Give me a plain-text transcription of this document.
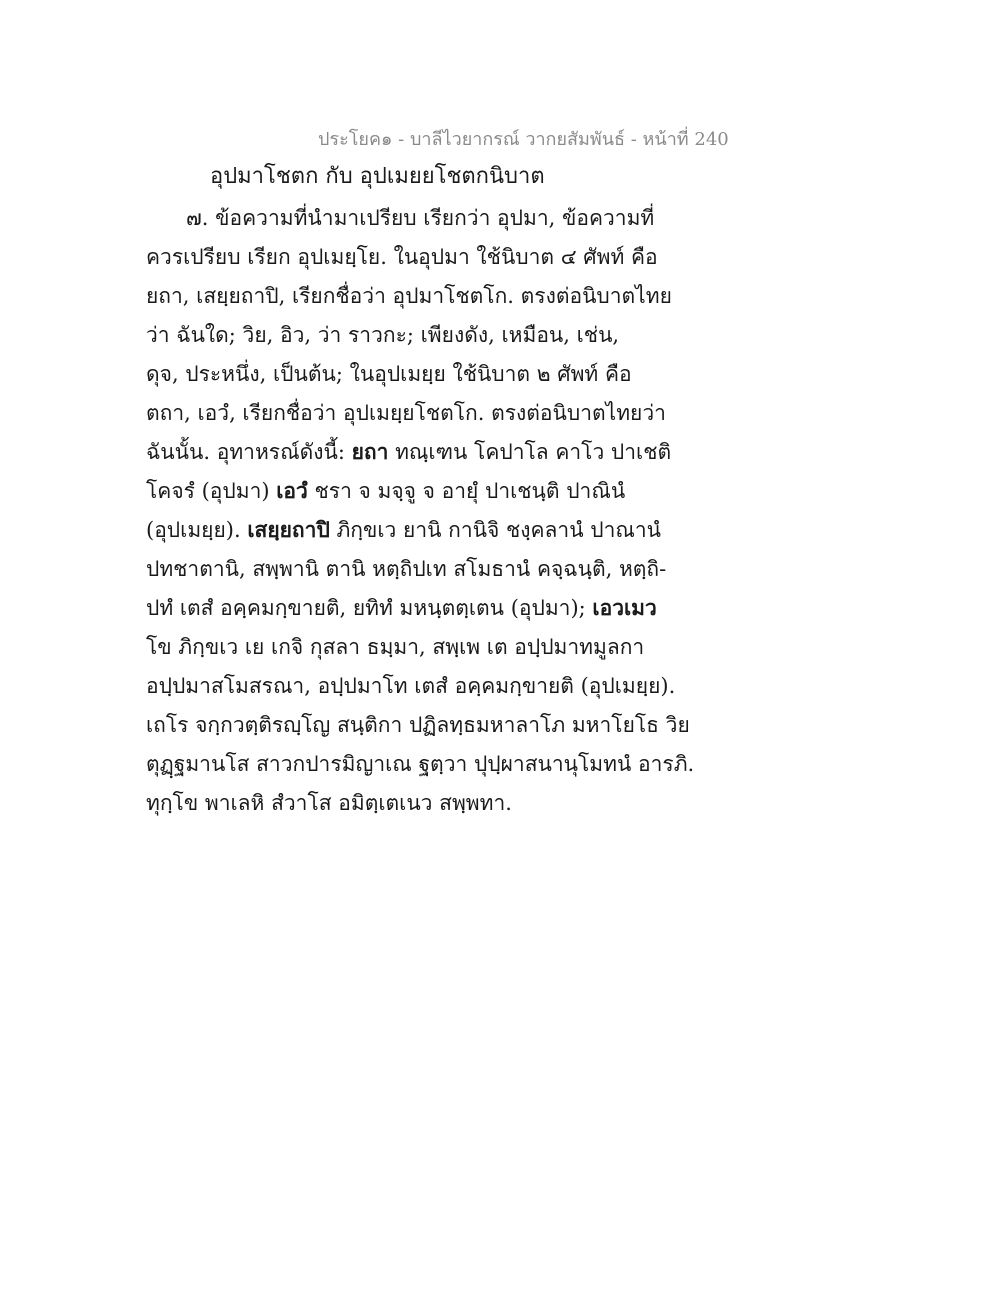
ประโยค๑ - บาลีไวยากรณ์ วากยสัมพันธ์ - หน้าที่ 240
อุปมาโชตก กับ อุปเมยยโชตกนิบาต
๗. ข้อความที่นำมาเปรียบ เรียกว่า อุปมา, ข้อความที่
ควรเปรียบ เรียก อุปเมยฺโย. ในอุปมา ใช้นิบาต ๔ ศัพท์ คือ
ยถา, เสยฺยถาปิ, เรียกชื่อว่า อุปมาโชตโก. ตรงต่อนิบาตไทย
ว่า ฉันใด; วิย, อิว, ว่า ราวกะ; เพียงดัง, เหมือน, เช่น,
ดุจ, ประหนึ่ง, เป็นต้น; ในอุปเมยฺย ใช้นิบาต ๒ ศัพท์ คือ
ตถา, เอวํ, เรียกชื่อว่า อุปเมยฺยโชตโก. ตรงต่อนิบาตไทยว่า
ฉันนั้น. อุทาหรณ์ดังนี้: ยถา ทณฺเฑน โคปาโล คาโว ปาเชติ
โคจรํ (อุปมา) เอวํ ชรา จ มจฺจู จ อายุํ ปาเชนฺติ ปาณินํ
(อุปเมยฺย). เสยฺยถาปิ ภิกฺขเว ยานิ กานิจิ ชงฺคลานํ ปาณานํ
ปทชาตานิ, สพฺพานิ ตานิ หตฺถิปเท สโมธานํ คจฺฉนฺติ, หตฺถิ-
ปทํ เตสํ อคฺคมกฺขายติ, ยทิทํ มหนฺตตฺเตน (อุปมา); เอวเมว
โข ภิกฺขเว เย เกจิ กุสลา ธมฺมา, สพฺเพ เต อปฺปมาทมูลกา
อปฺปมาสโมสรณา, อปฺปมาโท เตสํ อคฺคมกฺขายติ (อุปเมยฺย).
เถโร จกฺกวตฺติรญฺโญ สนฺติกา ปฏิลทฺธมหาลาโภ มหาโยโธ วิย
ตุฏฺฐมานโส สาวกปารมิญาเณ ฐตฺวา ปุปฺผาสนานุโมทนํ อารภิ.
ทุกฺโข พาเลหิ สํวาโส อมิตฺเตเนว สพฺพทา.
